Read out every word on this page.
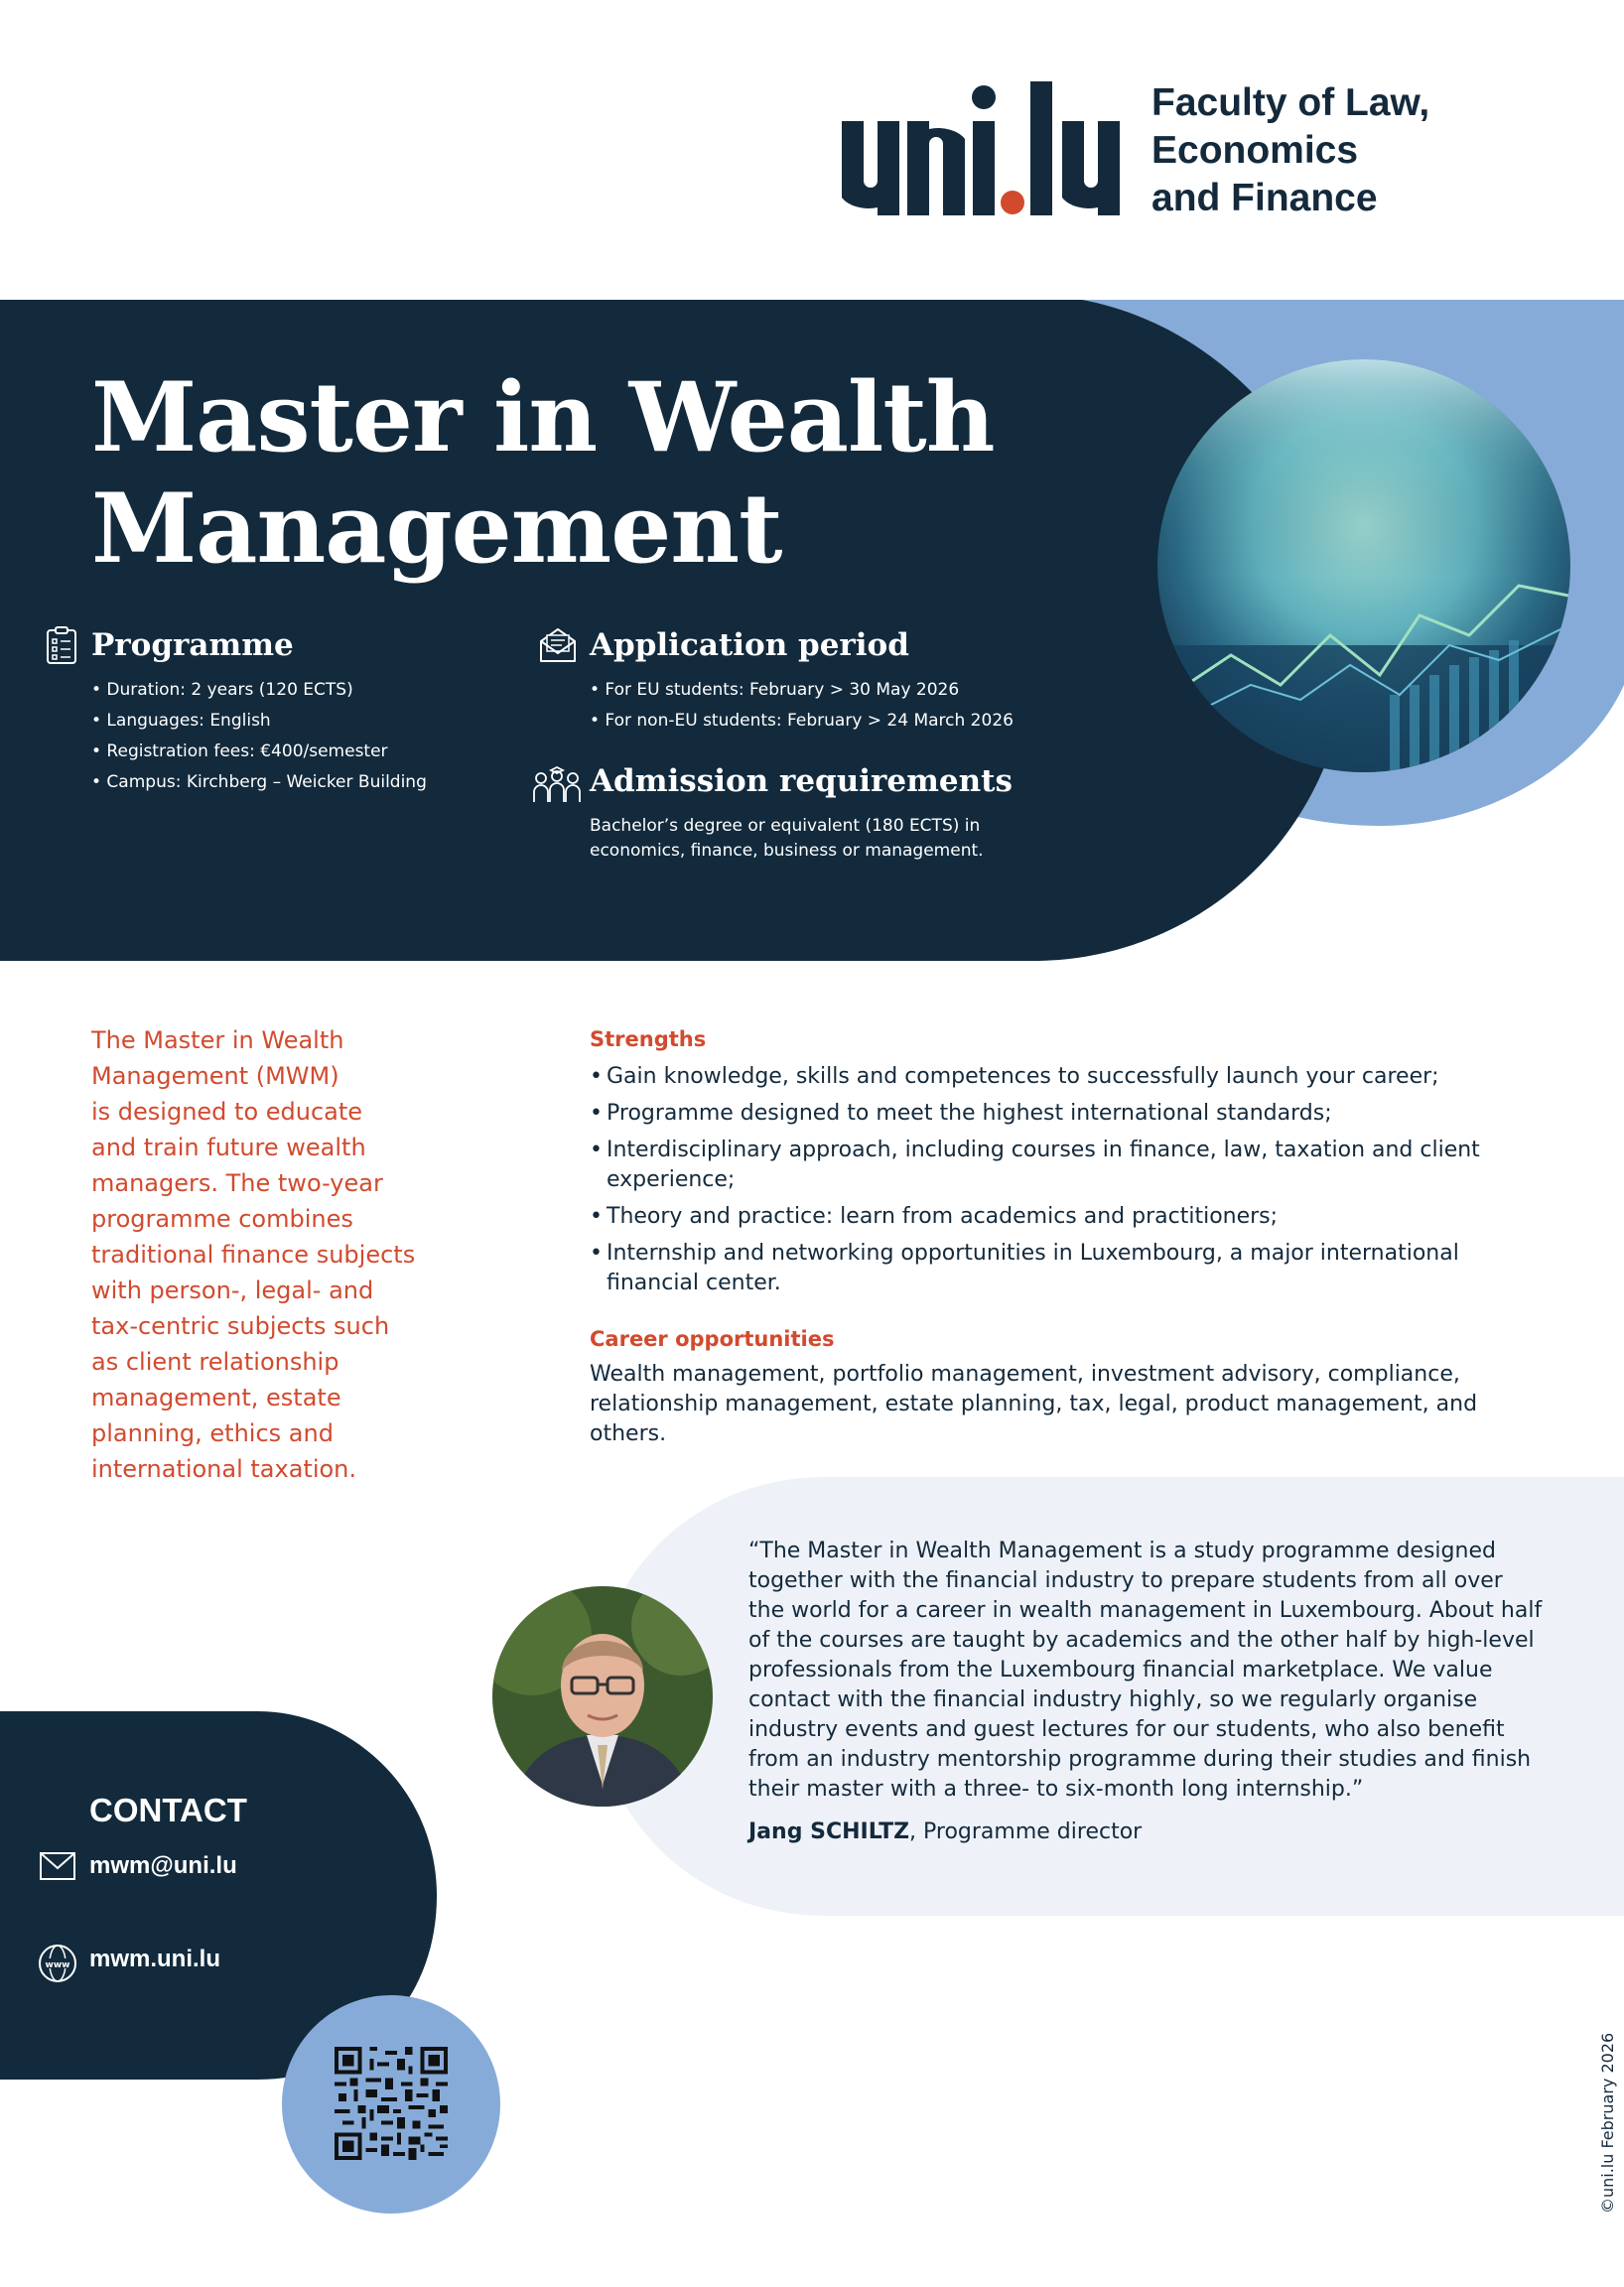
Faculty of Law,
Economics
and Finance
Master in Wealth
Management
Programme
• Duration: 2 years (120 ECTS)
• Languages: English
• Registration fees: €400/semester
• Campus: Kirchberg – Weicker Building
Application period
• For EU students: February > 30 May 2026
• For non-EU students: February > 24 March 2026
Admission requirements
Bachelor’s degree or equivalent (180 ECTS) in
economics, finance, business or management.
The Master in Wealth
Management (MWM)
is designed to educate
and train future wealth
managers. The two-year
programme combines
traditional finance subjects
with person-, legal- and
tax-centric subjects such
as client relationship
management, estate
planning, ethics and
international taxation.
Strengths
• Gain knowledge, skills and competences to successfully launch your career;
• Programme designed to meet the highest international standards;
• Interdisciplinary approach, including courses in finance, law, taxation and client experience;
• Theory and practice: learn from academics and practitioners;
• Internship and networking opportunities in Luxembourg, a major international financial center.
Career opportunities
Wealth management, portfolio management, investment advisory, compliance, relationship management, estate planning, tax, legal, product management, and others.
“The Master in Wealth Management is a study programme designed together with the financial industry to prepare students from all over the world for a career in wealth management in Luxembourg. About half of the courses are taught by academics and the other half by high-level professionals from the Luxembourg financial marketplace. We value contact with the financial industry highly, so we regularly organise industry events and guest lectures for our students, who also benefit from an industry mentorship programme during their studies and finish their master with a three- to six-month long internship.”
Jang SCHILTZ, Programme director
CONTACT
mwm@uni.lu
www mwm.uni.lu
©uni.lu February 2026
